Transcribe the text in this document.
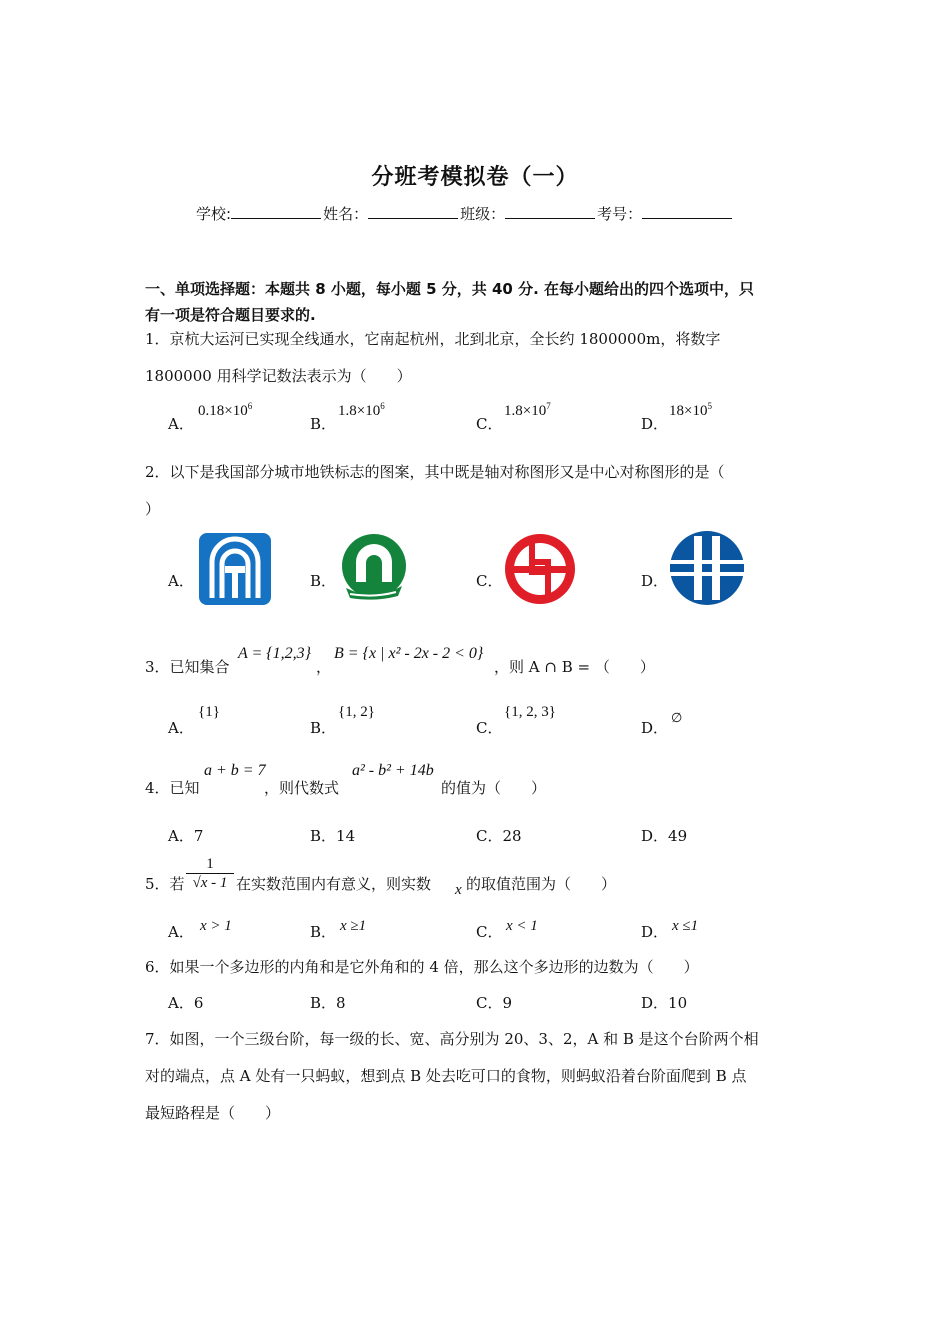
分班考模拟卷（一）
学校:	姓名：	班级：	考号：
一、单项选择题：本题共 8 小题，每小题 5 分，共 40 分. 在每小题给出的四个选项中，只
有一项是符合题目要求的.
1．京杭大运河已实现全线通水，它南起杭州，北到北京，全长约 1800000m，将数字
1800000 用科学记数法表示为（　　）
A．
$0.18\times 10^6$
B．
$1.8\times 10^6$
C．
$1.8\times 10^7$
D．
$18\times 10^5$
2．以下是我国部分城市地铁标志的图案，其中既是轴对称图形又是中心对称图形的是（
）
A．	B．	C．	D．
3．已知集合
A = {1,2,3}
，
B = {x | x² - 2x - 2 < 0}
，则 A ∩ B = （　　）
A．
{1}
B．
{1, 2}
C．
{1, 2, 3}
D．
∅
4．已知
a + b = 7
，则代数式
a² - b² + 14b
的值为（　　）
A．7	B．14	C．28	D．49
5．若 $\frac{1}{√x - 1}$ 在实数范围内有意义，则实数 x 的取值范围为（　　）
A． x > 1	B． x ≥1	C． x < 1	D． x ≤1
6．如果一个多边形的内角和是它外角和的 4 倍，那么这个多边形的边数为（　　）
A．6	B．8	C．9	D．10
7．如图，一个三级台阶，每一级的长、宽、高分别为 20、3、2，A 和 B 是这个台阶两个相
对的端点，点 A 处有一只蚂蚁，想到点 B 处去吃可口的食物，则蚂蚁沿着台阶面爬到 B 点
最短路程是（　　）
